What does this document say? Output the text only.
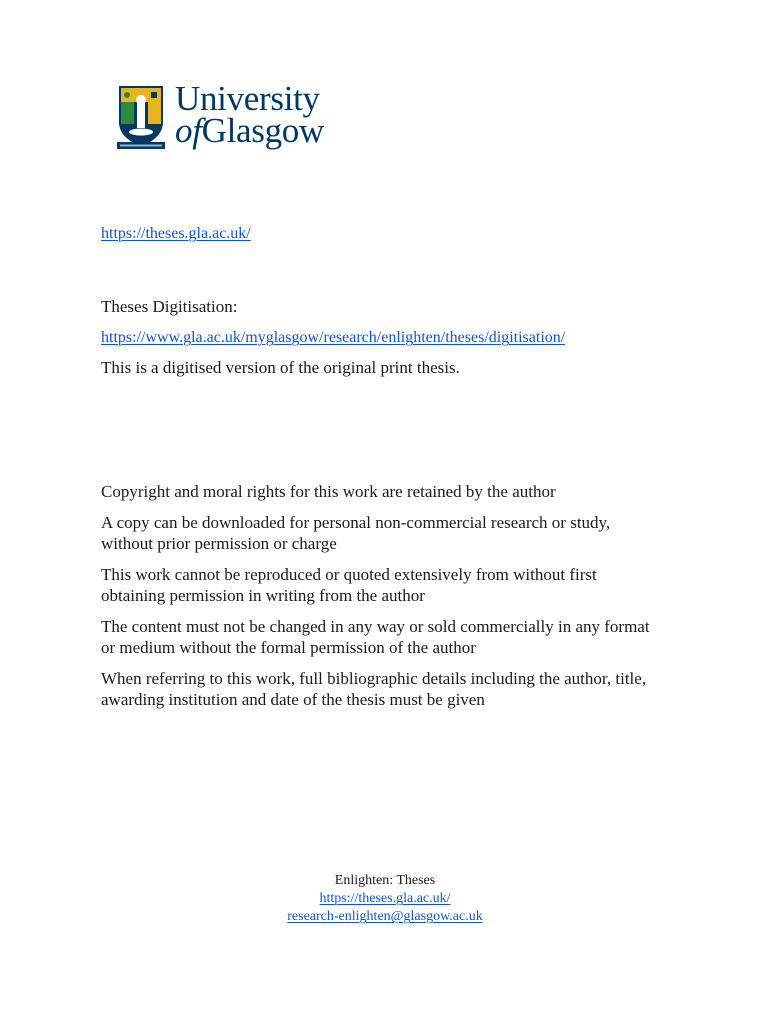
University
ofGlasgow
https://theses.gla.ac.uk/
Theses Digitisation:
https://www.gla.ac.uk/myglasgow/research/enlighten/theses/digitisation/
This is a digitised version of the original print thesis.
Copyright and moral rights for this work are retained by the author
A copy can be downloaded for personal non-commercial research or study, without prior permission or charge
This work cannot be reproduced or quoted extensively from without first obtaining permission in writing from the author
The content must not be changed in any way or sold commercially in any format or medium without the formal permission of the author
When referring to this work, full bibliographic details including the author, title, awarding institution and date of the thesis must be given
Enlighten: Theses
https://theses.gla.ac.uk/
research-enlighten@glasgow.ac.uk
